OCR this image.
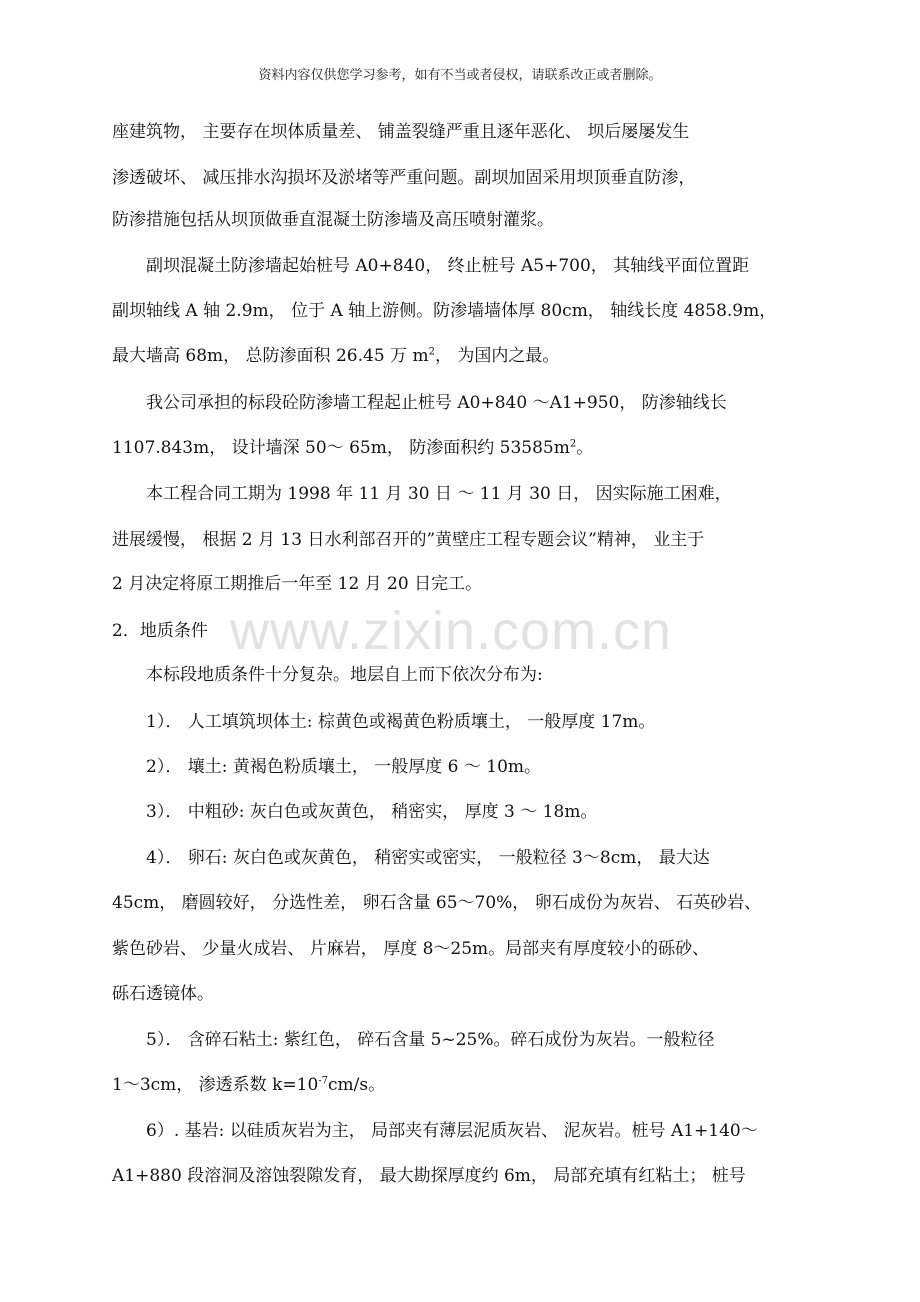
资料内容仅供您学习参考，如有不当或者侵权，请联系改正或者删除。
www.zixin.com.cn
座建筑物， 主要存在坝体质量差、 铺盖裂缝严重且逐年恶化、 坝后屡屡发生
渗透破坏、 减压排水沟损坏及淤堵等严重问题。副坝加固采用坝顶垂直防渗，
防渗措施包括从坝顶做垂直混凝土防渗墙及高压喷射灌浆。
副坝混凝土防渗墙起始桩号 A0+840， 终止桩号 A5+700， 其轴线平面位置距
副坝轴线 A 轴 2.9m， 位于 A 轴上游侧。防渗墙墙体厚 80cm， 轴线长度 4858.9m，
最大墙高 68m， 总防渗面积 26.45 万 $m^2$， 为国内之最。
我公司承担的标段砼防渗墙工程起止桩号 A0+840 ～A1+950， 防渗轴线长
1107.843m， 设计墙深 50～ 65m， 防渗面积约 $53585m^2$。
本工程合同工期为 1998 年 11 月 30 日 ～ 11 月 30 日， 因实际施工困难，
进展缓慢， 根据 2 月 13 日水利部召开的”黄壁庄工程专题会议”精神， 业主于
2 月决定将原工期推后一年至 12 月 20 日完工。
2．地质条件
本标段地质条件十分复杂。地层自上而下依次分布为:
1）． 人工填筑坝体土: 棕黄色或褐黄色粉质壤土， 一般厚度 17m。
2）． 壤土: 黄褐色粉质壤土， 一般厚度 6 ～ 10m。
3）． 中粗砂: 灰白色或灰黄色， 稍密实， 厚度 3 ～ 18m。
4）． 卵石: 灰白色或灰黄色， 稍密实或密实， 一般粒径 3～8cm， 最大达
45cm， 磨圆较好， 分选性差， 卵石含量 65～70%， 卵石成份为灰岩、 石英砂岩、
紫色砂岩、 少量火成岩、 片麻岩， 厚度 8～25m。局部夹有厚度较小的砾砂、
砾石透镜体。
5）． 含碎石粘土: 紫红色， 碎石含量 5~25%。碎石成份为灰岩。一般粒径
1～3cm， 渗透系数 $k=10^{-7}cm/s$。
6）. 基岩: 以硅质灰岩为主， 局部夹有薄层泥质灰岩、 泥灰岩。桩号 A1+140～
A1+880 段溶洞及溶蚀裂隙发育， 最大勘探厚度约 6m， 局部充填有红粘土； 桩号
